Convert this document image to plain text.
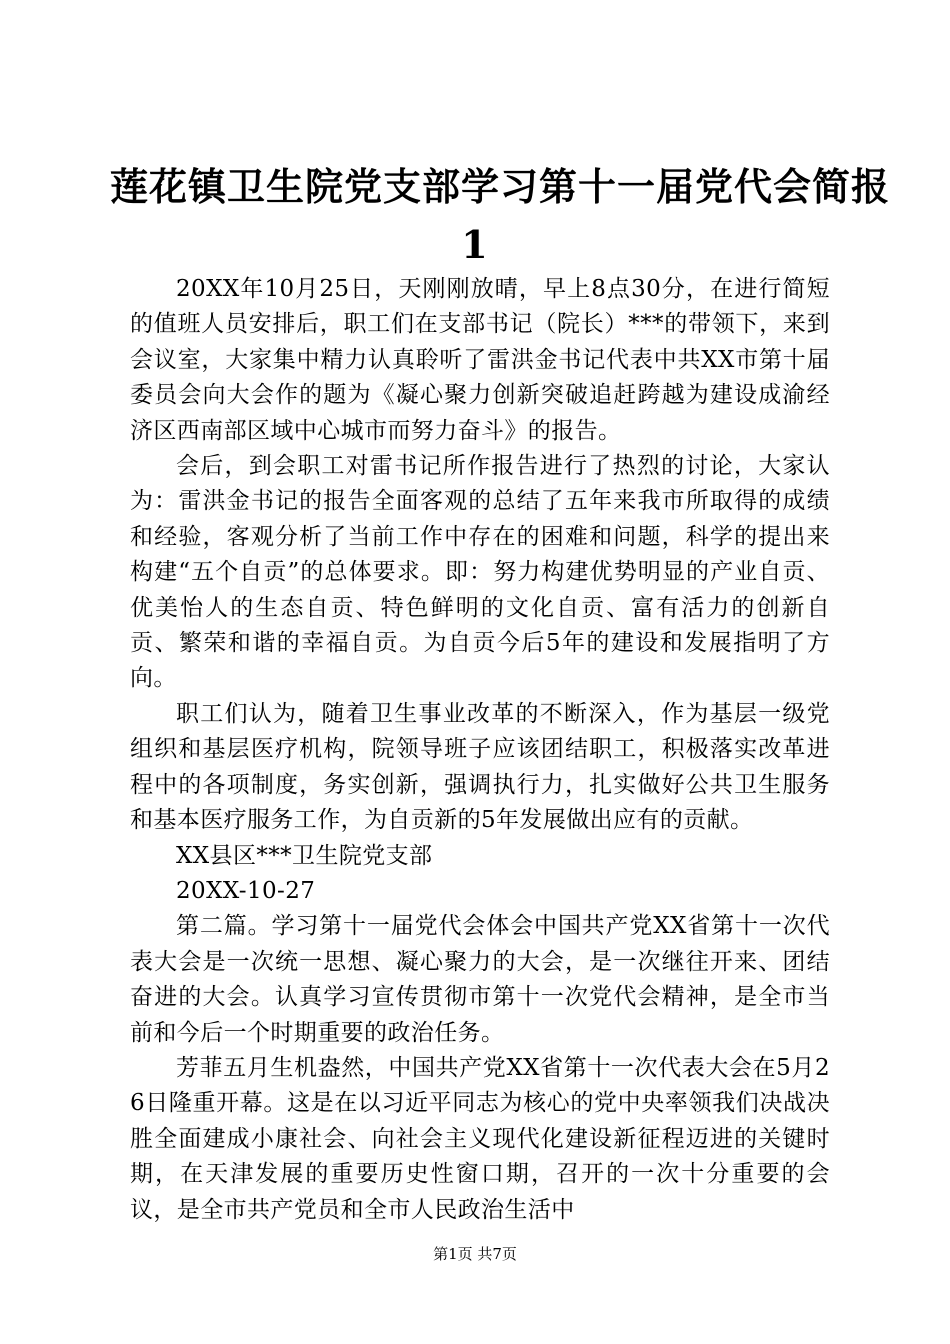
莲花镇卫生院党支部学习第十一届党代会简报
1

20XX年10月25日，天刚刚放晴，早上8点30分，在进行简短的值班人员安排后，职工们在支部书记（院长）***的带领下，来到会议室，大家集中精力认真聆听了雷洪金书记代表中共XX市第十届委员会向大会作的题为《凝心聚力创新突破追赶跨越为建设成渝经济区西南部区域中心城市而努力奋斗》的报告。

会后，到会职工对雷书记所作报告进行了热烈的讨论，大家认为：雷洪金书记的报告全面客观的总结了五年来我市所取得的成绩和经验，客观分析了当前工作中存在的困难和问题，科学的提出来构建“五个自贡”的总体要求。即：努力构建优势明显的产业自贡、优美怡人的生态自贡、特色鲜明的文化自贡、富有活力的创新自贡、繁荣和谐的幸福自贡。为自贡今后5年的建设和发展指明了方向。

职工们认为，随着卫生事业改革的不断深入，作为基层一级党组织和基层医疗机构，院领导班子应该团结职工，积极落实改革进程中的各项制度，务实创新，强调执行力，扎实做好公共卫生服务和基本医疗服务工作，为自贡新的5年发展做出应有的贡献。

XX县区***卫生院党支部

20XX-10-27

第二篇。学习第十一届党代会体会中国共产党XX省第十一次代表大会是一次统一思想、凝心聚力的大会，是一次继往开来、团结奋进的大会。认真学习宣传贯彻市第十一次党代会精神，是全市当前和今后一个时期重要的政治任务。

芳菲五月生机盎然，中国共产党XX省第十一次代表大会在5月26日隆重开幕。这是在以习近平同志为核心的党中央率领我们决战决胜全面建成小康社会、向社会主义现代化建设新征程迈进的关键时期，在天津发展的重要历史性窗口期，召开的一次十分重要的会议，是全市共产党员和全市人民政治生活中

第1页 共7页
